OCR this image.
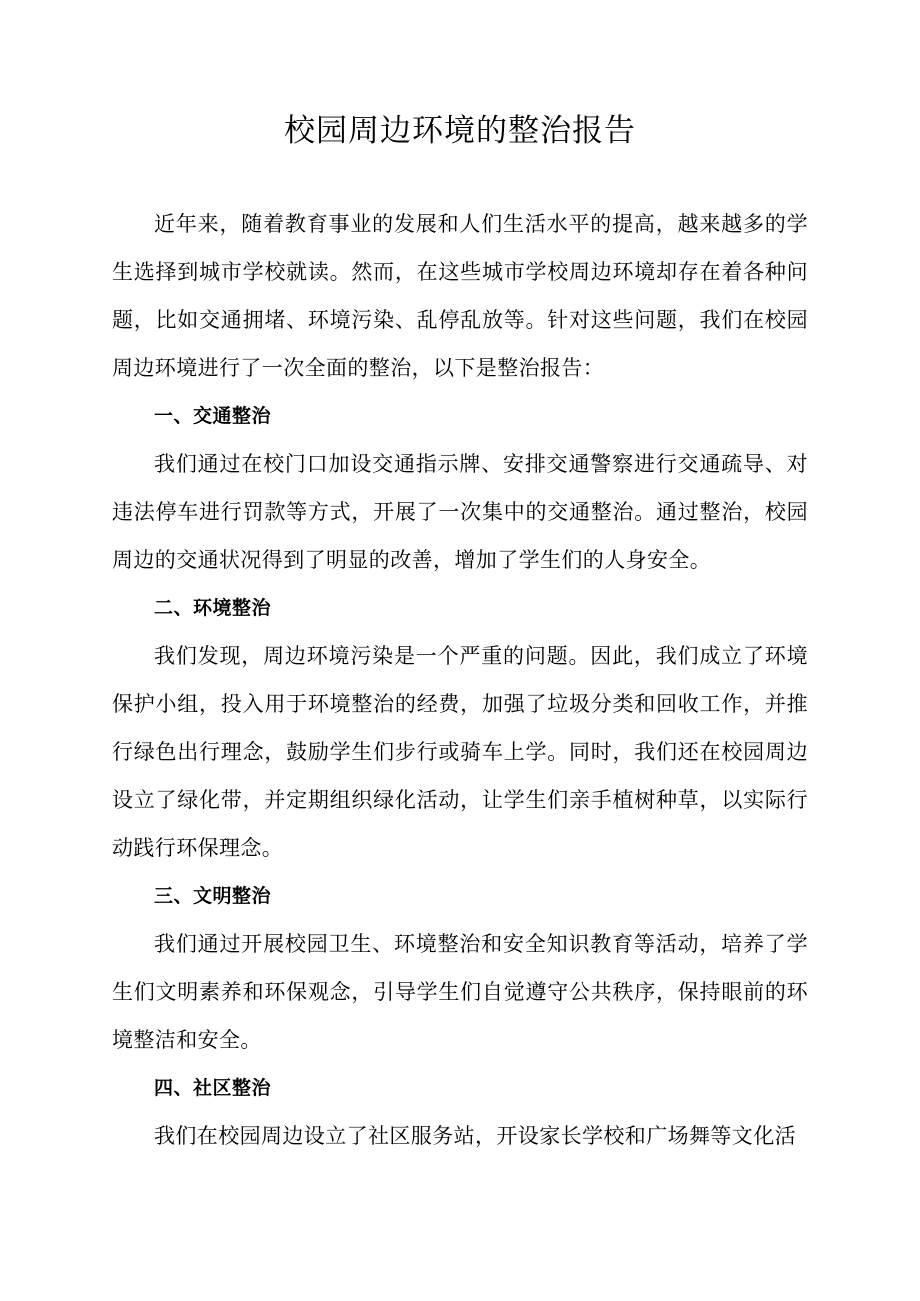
校园周边环境的整治报告

近年来，随着教育事业的发展和人们生活水平的提高，越来越多的学生选择到城市学校就读。然而，在这些城市学校周边环境却存在着各种问题，比如交通拥堵、环境污染、乱停乱放等。针对这些问题，我们在校园周边环境进行了一次全面的整治，以下是整治报告：

一、交通整治

我们通过在校门口加设交通指示牌、安排交通警察进行交通疏导、对违法停车进行罚款等方式，开展了一次集中的交通整治。通过整治，校园周边的交通状况得到了明显的改善，增加了学生们的人身安全。

二、环境整治

我们发现，周边环境污染是一个严重的问题。因此，我们成立了环境保护小组，投入用于环境整治的经费，加强了垃圾分类和回收工作，并推行绿色出行理念，鼓励学生们步行或骑车上学。同时，我们还在校园周边设立了绿化带，并定期组织绿化活动，让学生们亲手植树种草，以实际行动践行环保理念。

三、文明整治

我们通过开展校园卫生、环境整治和安全知识教育等活动，培养了学生们文明素养和环保观念，引导学生们自觉遵守公共秩序，保持眼前的环境整洁和安全。

四、社区整治

我们在校园周边设立了社区服务站，开设家长学校和广场舞等文化活
